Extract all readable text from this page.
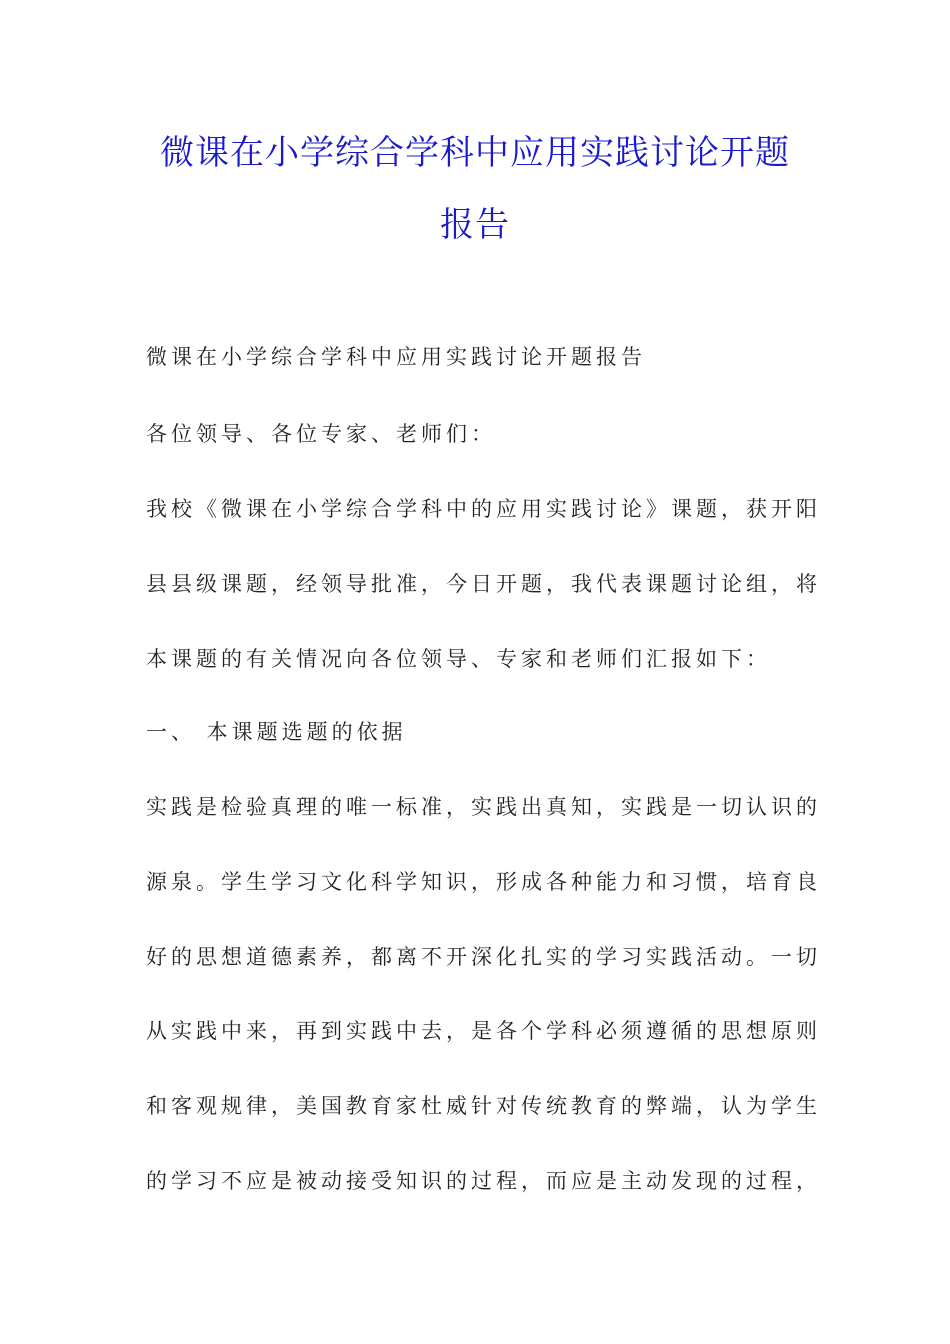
微课在小学综合学科中应用实践讨论开题
报告
微课在小学综合学科中应用实践讨论开题报告
各位领导、各位专家、老师们：
我校《微课在小学综合学科中的应用实践讨论》课题，获开阳
县县级课题，经领导批准，今日开题，我代表课题讨论组，将
本课题的有关情况向各位领导、专家和老师们汇报如下：
一、 本课题选题的依据
实践是检验真理的唯一标准，实践出真知，实践是一切认识的
源泉。学生学习文化科学知识，形成各种能力和习惯，培育良
好的思想道德素养，都离不开深化扎实的学习实践活动。一切
从实践中来，再到实践中去，是各个学科必须遵循的思想原则
和客观规律，美国教育家杜威针对传统教育的弊端，认为学生
的学习不应是被动接受知识的过程，而应是主动发现的过程，
